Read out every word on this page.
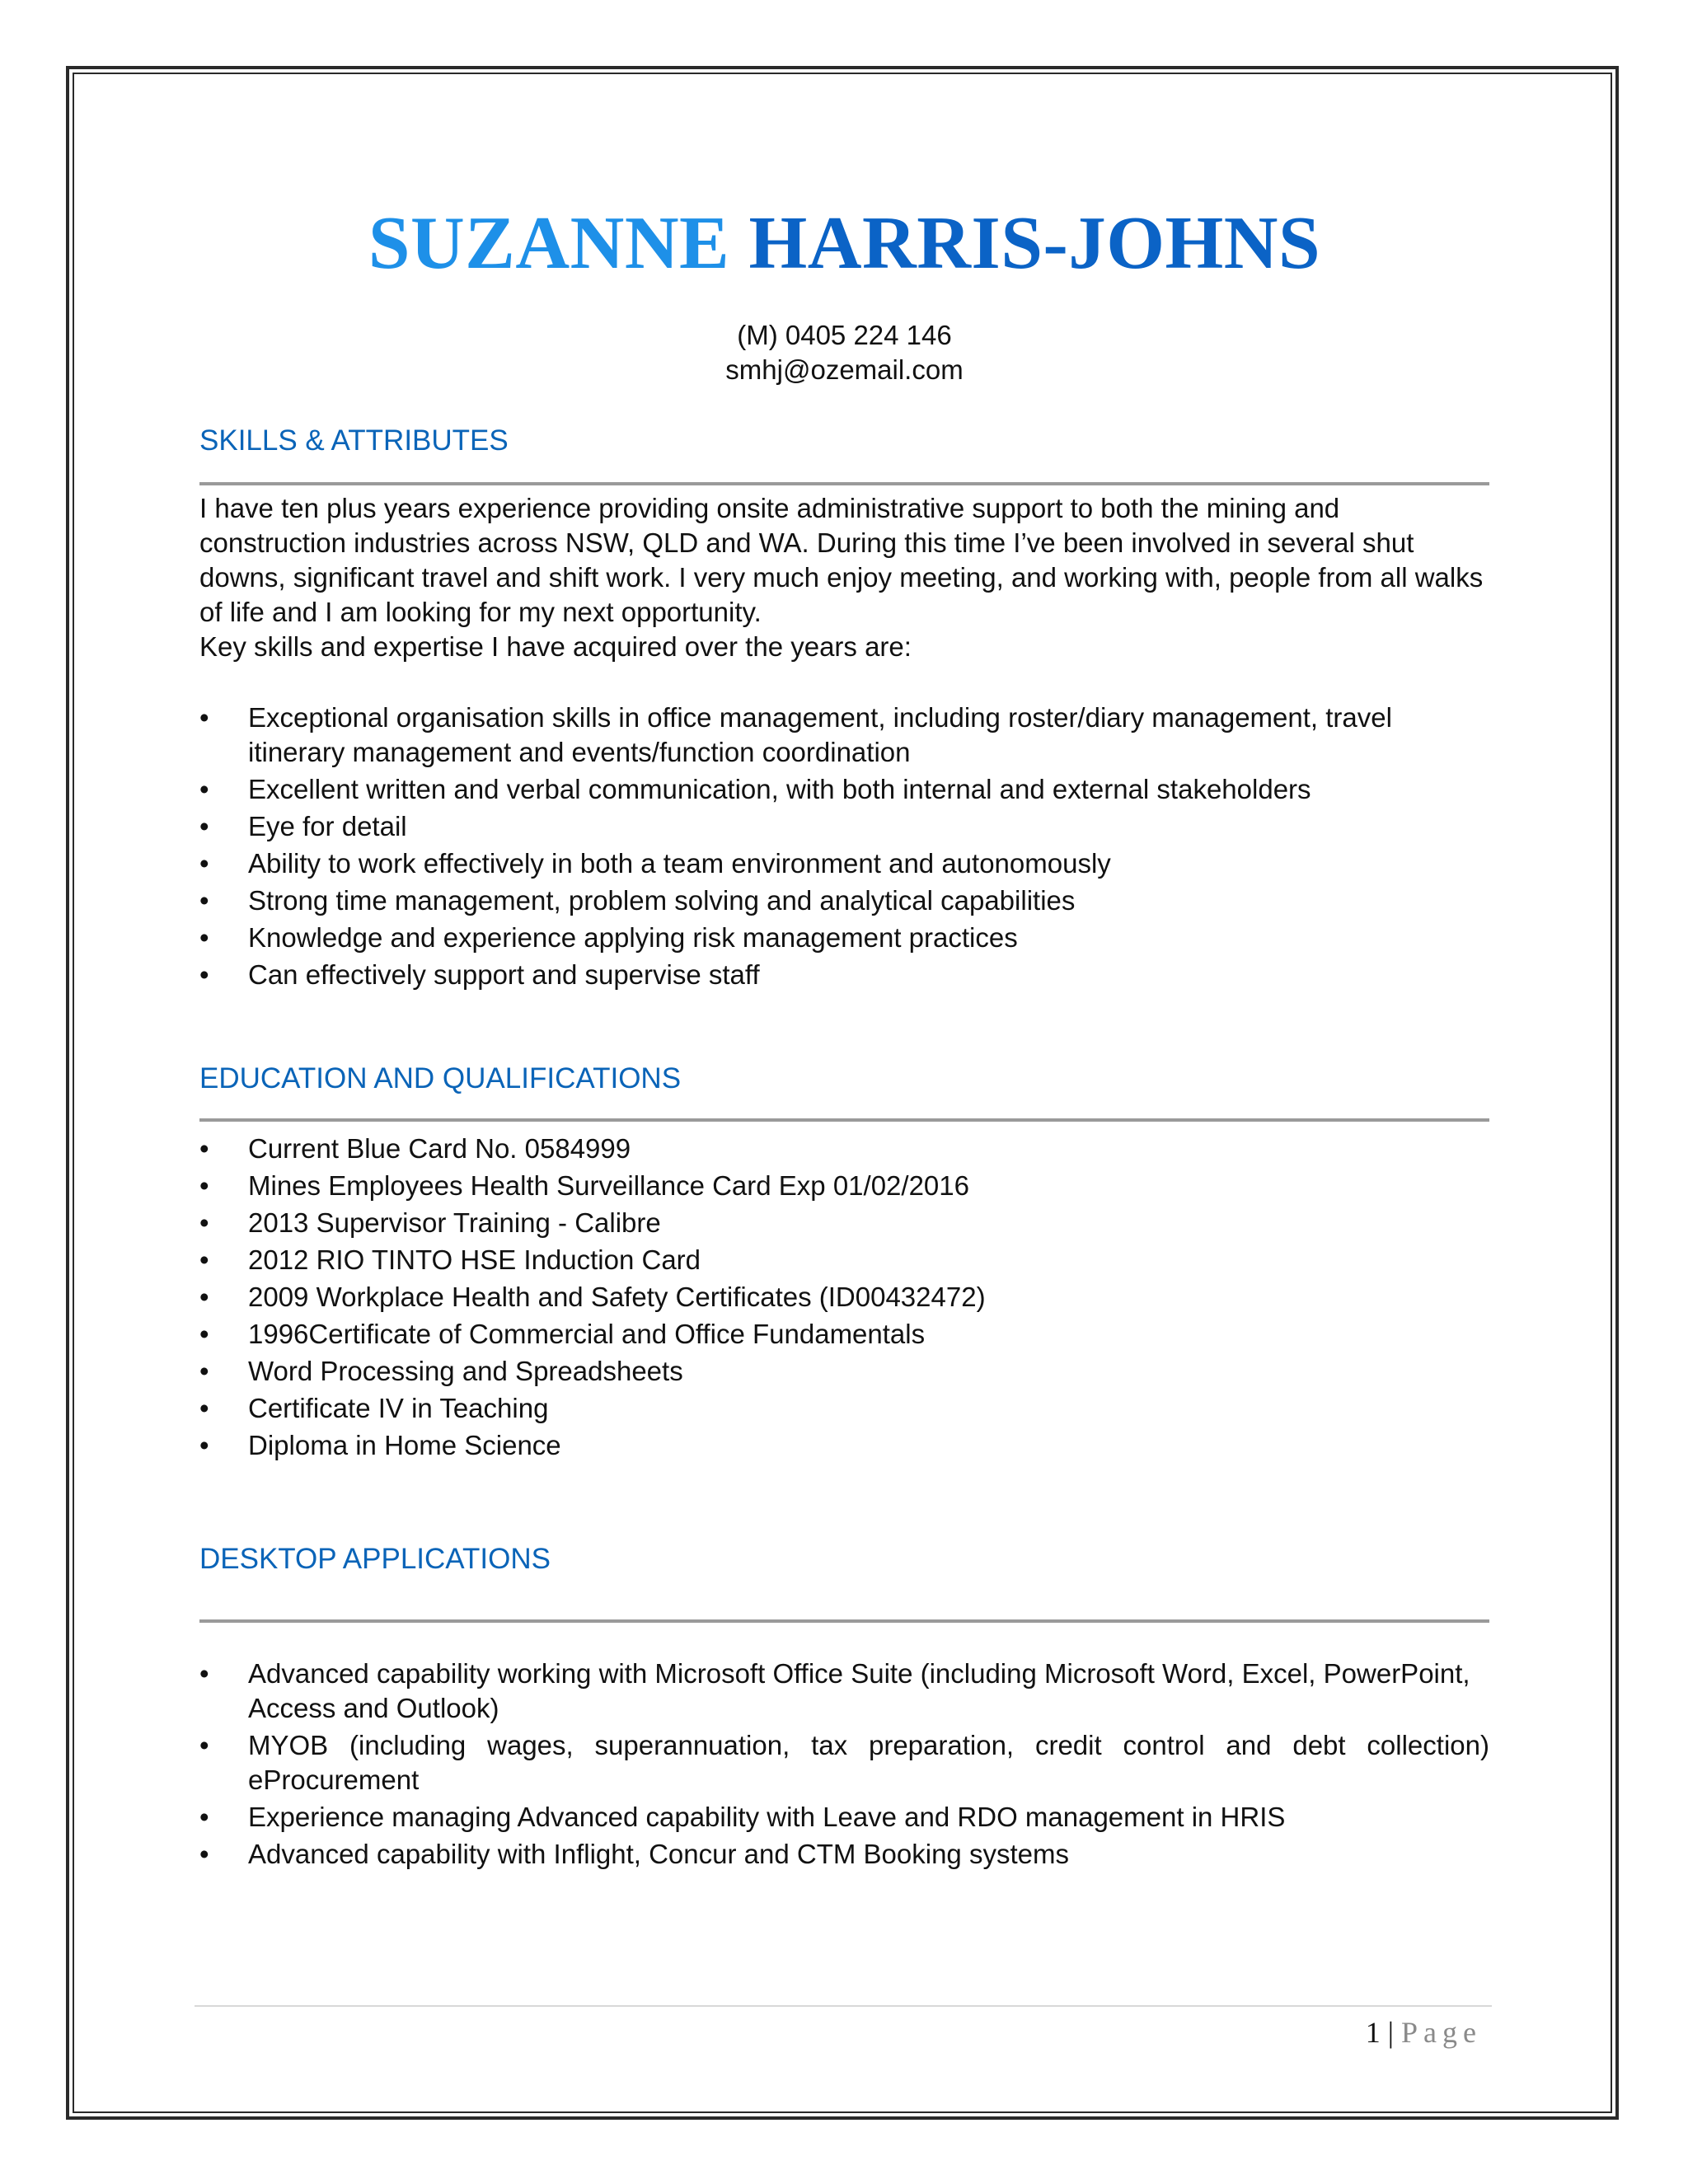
SUZANNE HARRIS-JOHNS
(M) 0405 224 146
smhj@ozemail.com
SKILLS & ATTRIBUTES
I have ten plus years experience providing onsite administrative support to both the mining and construction industries across NSW, QLD and WA. During this time I’ve been involved in several shut downs, significant travel and shift work. I very much enjoy meeting, and working with, people from all walks of life and I am looking for my next opportunity.
Key skills and expertise I have acquired over the years are:
• Exceptional organisation skills in office management, including roster/diary management, travel itinerary management and events/function coordination
• Excellent written and verbal communication, with both internal and external stakeholders
• Eye for detail
• Ability to work effectively in both a team environment and autonomously
• Strong time management, problem solving and analytical capabilities
• Knowledge and experience applying risk management practices
• Can effectively support and supervise staff
EDUCATION AND QUALIFICATIONS
• Current Blue Card No. 0584999
• Mines Employees Health Surveillance Card Exp 01/02/2016
• 2013 Supervisor Training - Calibre
• 2012 RIO TINTO HSE Induction Card
• 2009 Workplace Health and Safety Certificates (ID00432472)
• 1996Certificate of Commercial and Office Fundamentals
• Word Processing and Spreadsheets
• Certificate IV in Teaching
• Diploma in Home Science
DESKTOP APPLICATIONS
• Advanced capability working with Microsoft Office Suite (including Microsoft Word, Excel, PowerPoint, Access and Outlook)
• MYOB (including wages, superannuation, tax preparation, credit control and debt collection) eProcurement
• Experience managing Advanced capability with Leave and RDO management in HRIS
• Advanced capability with Inflight, Concur and CTM Booking systems
1 | Page
